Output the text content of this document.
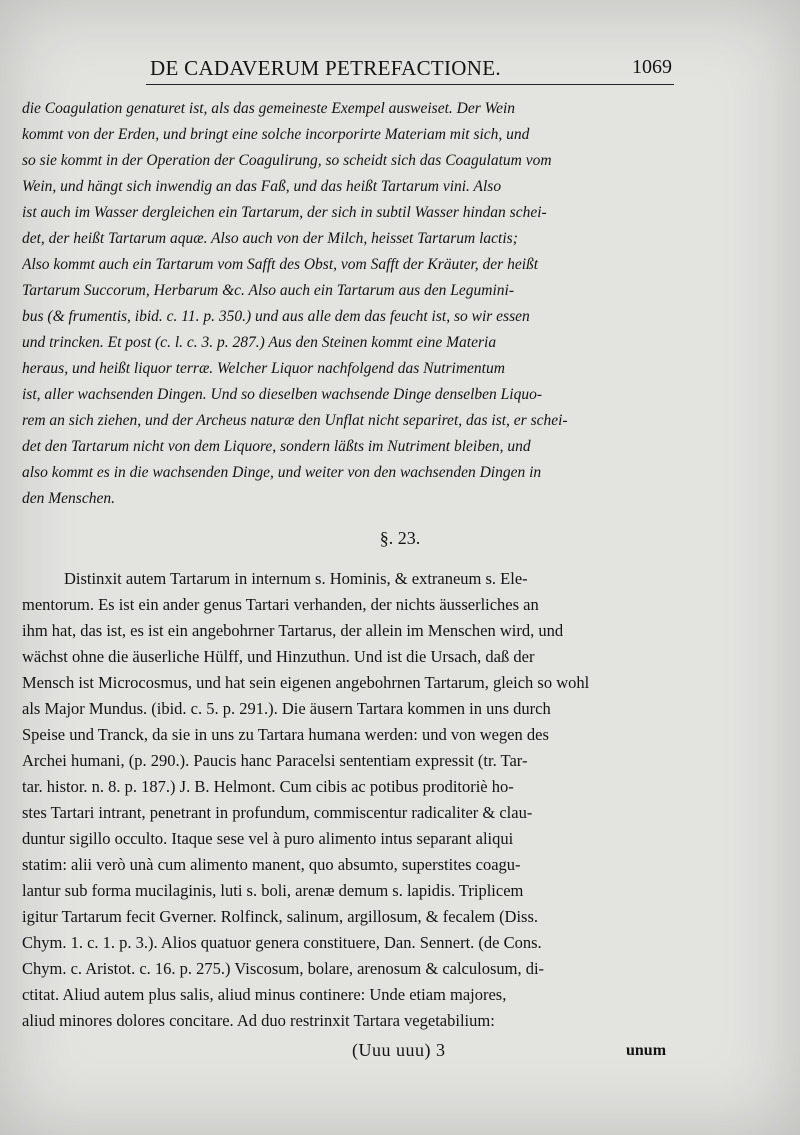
DE CADAVERUM PETREFACTIONE.	1069
die Coagulation genaturet ist, als das gemeineste Exempel ausweiset. Der Wein
kommt von der Erden, und bringt eine solche incorporirte Materiam mit sich, und
so sie kommt in der Operation der Coagulirung, so scheidt sich das Coagulatum vom
Wein, und hängt sich inwendig an das Faß, und das heißt Tartarum vini. Also
ist auch im Wasser dergleichen ein Tartarum, der sich in subtil Wasser hindan schei-
det, der heißt Tartarum aquæ. Also auch von der Milch, heisset Tartarum lactis;
Also kommt auch ein Tartarum vom Safft des Obst, vom Safft der Kräuter, der heißt
Tartarum Succorum, Herbarum &c. Also auch ein Tartarum aus den Legumini-
bus (& frumentis, ibid. c. 11. p. 350.) und aus alle dem das feucht ist, so wir essen
und trincken. Et post (c. l. c. 3. p. 287.) Aus den Steinen kommt eine Materia
heraus, und heißt liquor terræ. Welcher Liquor nachfolgend das Nutrimentum
ist, aller wachsenden Dingen. Und so dieselben wachsende Dinge denselben Liquo-
rem an sich ziehen, und der Archeus naturæ den Unflat nicht separiret, das ist, er schei-
det den Tartarum nicht von dem Liquore, sondern läßts im Nutriment bleiben, und
also kommt es in die wachsenden Dinge, und weiter von den wachsenden Dingen in
den Menschen.
§. 23.
Distinxit autem Tartarum in internum s. Hominis, & extraneum s. Ele-
mentorum. Es ist ein ander genus Tartari verhanden, der nichts äusserliches an
ihm hat, das ist, es ist ein angebohrner Tartarus, der allein im Menschen wird, und
wächst ohne die äuserliche Hülff, und Hinzuthun. Und ist die Ursach, daß der
Mensch ist Microcosmus, und hat sein eigenen angebohrnen Tartarum, gleich so wohl
als Major Mundus. (ibid. c. 5. p. 291.). Die äusern Tartara kommen in uns durch
Speise und Tranck, da sie in uns zu Tartara humana werden: und von wegen des
Archei humani, (p. 290.). Paucis hanc Paracelsi sententiam expressit (tr. Tar-
tar. histor. n. 8. p. 187.) J. B. Helmont. Cum cibis ac potibus proditoriè ho-
stes Tartari intrant, penetrant in profundum, commiscentur radicaliter & clau-
duntur sigillo occulto. Itaque sese vel à puro alimento intus separant aliqui
statim: alii verò unà cum alimento manent, quo absumto, superstites coagu-
lantur sub forma mucilaginis, luti s. boli, arenæ demum s. lapidis. Triplicem
igitur Tartarum fecit Gverner. Rolfinck, salinum, argillosum, & fecalem (Diss.
Chym. 1. c. 1. p. 3.). Alios quatuor genera constituere, Dan. Sennert. (de Cons.
Chym. c. Aristot. c. 16. p. 275.) Viscosum, bolare, arenosum & calculosum, di-
ctitat. Aliud autem plus salis, aliud minus continere: Unde etiam majores,
aliud minores dolores concitare. Ad duo restrinxit Tartara vegetabilium:
(Uuu uuu) 3	unum
